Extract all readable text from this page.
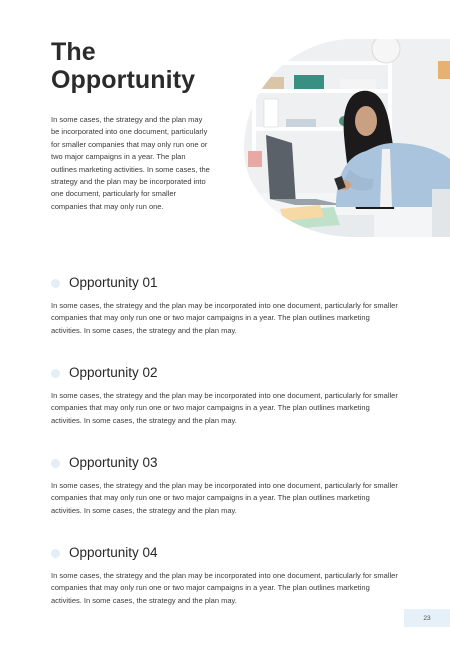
The
Opportunity

In some cases, the strategy and the plan may be incorporated into one document, particularly for smaller companies that may only run one or two major campaigns in a year. The plan outlines marketing activities. In some cases, the strategy and the plan may be incorporated into one document, particularly for smaller companies that may only run one.

Opportunity 01

In some cases, the strategy and the plan may be incorporated into one document, particularly for smaller companies that may only run one or two major campaigns in a year. The plan outlines marketing activities. In some cases, the strategy and the plan may.

Opportunity 02

In some cases, the strategy and the plan may be incorporated into one document, particularly for smaller companies that may only run one or two major campaigns in a year. The plan outlines marketing activities. In some cases, the strategy and the plan may.

Opportunity 03

In some cases, the strategy and the plan may be incorporated into one document, particularly for smaller companies that may only run one or two major campaigns in a year. The plan outlines marketing activities. In some cases, the strategy and the plan may.

Opportunity 04

In some cases, the strategy and the plan may be incorporated into one document, particularly for smaller companies that may only run one or two major campaigns in a year. The plan outlines marketing activities. In some cases, the strategy and the plan may.

23
